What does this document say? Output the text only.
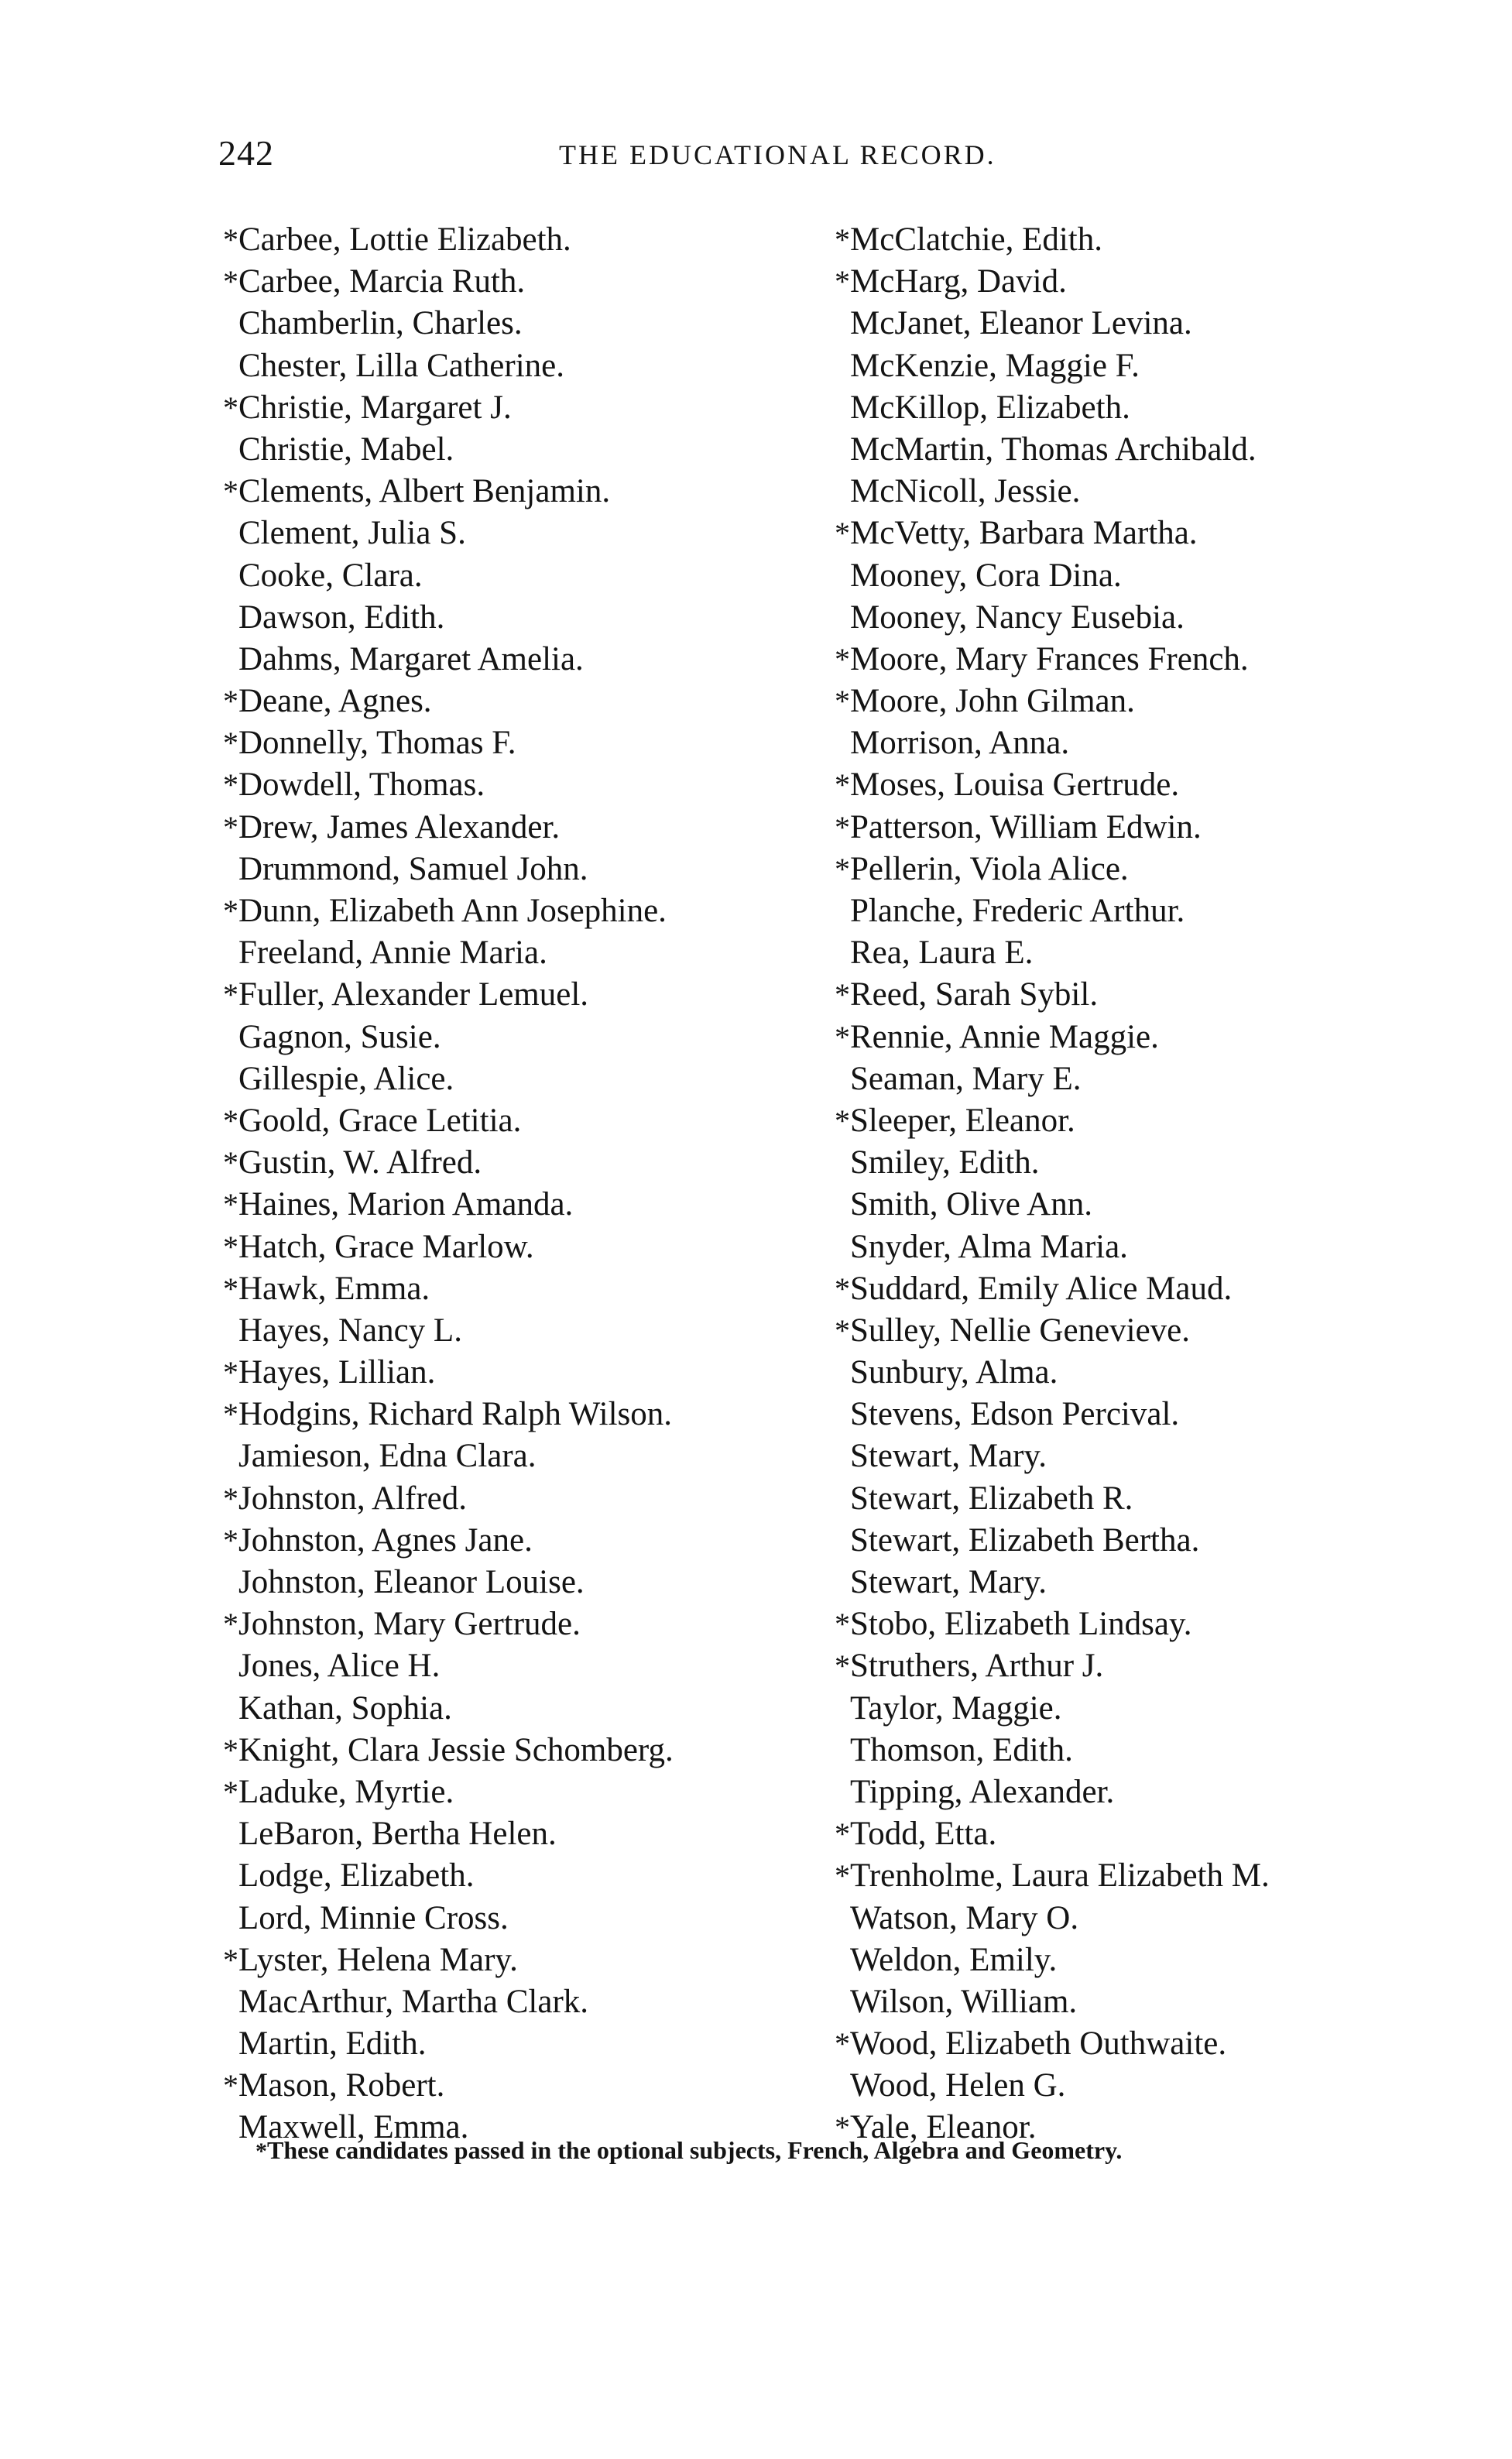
242	THE EDUCATIONAL RECORD.
*Carbee, Lottie Elizabeth.
*Carbee, Marcia Ruth.
Chamberlin, Charles.
Chester, Lilla Catherine.
*Christie, Margaret J.
Christie, Mabel.
*Clements, Albert Benjamin.
Clement, Julia S.
Cooke, Clara.
Dawson, Edith.
Dahms, Margaret Amelia.
*Deane, Agnes.
*Donnelly, Thomas F.
*Dowdell, Thomas.
*Drew, James Alexander.
Drummond, Samuel John.
*Dunn, Elizabeth Ann Josephine.
Freeland, Annie Maria.
*Fuller, Alexander Lemuel.
Gagnon, Susie.
Gillespie, Alice.
*Goold, Grace Letitia.
*Gustin, W. Alfred.
*Haines, Marion Amanda.
*Hatch, Grace Marlow.
*Hawk, Emma.
Hayes, Nancy L.
*Hayes, Lillian.
*Hodgins, Richard Ralph Wilson.
Jamieson, Edna Clara.
*Johnston, Alfred.
*Johnston, Agnes Jane.
Johnston, Eleanor Louise.
*Johnston, Mary Gertrude.
Jones, Alice H.
Kathan, Sophia.
*Knight, Clara Jessie Schomberg.
*Laduke, Myrtie.
LeBaron, Bertha Helen.
Lodge, Elizabeth.
Lord, Minnie Cross.
*Lyster, Helena Mary.
MacArthur, Martha Clark.
Martin, Edith.
*Mason, Robert.
Maxwell, Emma.
*McClatchie, Edith.
*McHarg, David.
McJanet, Eleanor Levina.
McKenzie, Maggie F.
McKillop, Elizabeth.
McMartin, Thomas Archibald.
McNicoll, Jessie.
*McVetty, Barbara Martha.
Mooney, Cora Dina.
Mooney, Nancy Eusebia.
*Moore, Mary Frances French.
*Moore, John Gilman.
Morrison, Anna.
*Moses, Louisa Gertrude.
*Patterson, William Edwin.
*Pellerin, Viola Alice.
Planche, Frederic Arthur.
Rea, Laura E.
*Reed, Sarah Sybil.
*Rennie, Annie Maggie.
Seaman, Mary E.
*Sleeper, Eleanor.
Smiley, Edith.
Smith, Olive Ann.
Snyder, Alma Maria.
*Suddard, Emily Alice Maud.
*Sulley, Nellie Genevieve.
Sunbury, Alma.
Stevens, Edson Percival.
Stewart, Mary.
Stewart, Elizabeth R.
Stewart, Elizabeth Bertha.
Stewart, Mary.
*Stobo, Elizabeth Lindsay.
*Struthers, Arthur J.
Taylor, Maggie.
Thomson, Edith.
Tipping, Alexander.
*Todd, Etta.
*Trenholme, Laura Elizabeth M.
Watson, Mary O.
Weldon, Emily.
Wilson, William.
*Wood, Elizabeth Outhwaite.
Wood, Helen G.
*Yale, Eleanor.
*These candidates passed in the optional subjects, French, Algebra and Geometry.
